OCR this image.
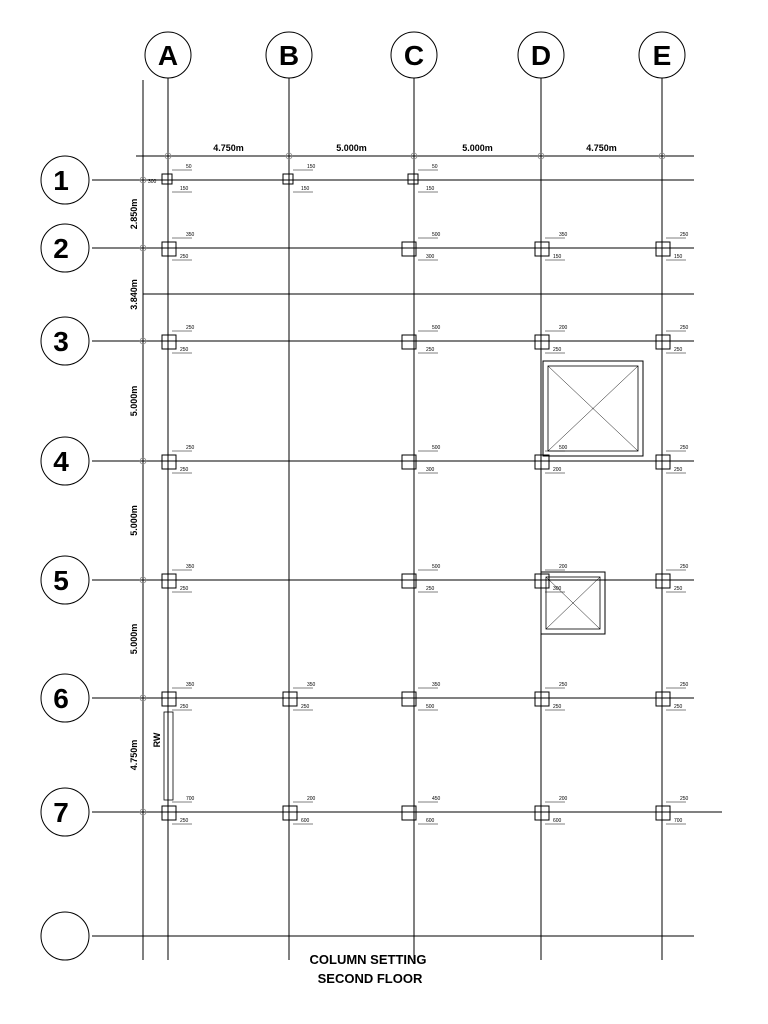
A	B	C	D	E
1
2
3
4
5
6
7
4.750m	5.000m	5.000m	4.750m
2.850m
3.840m
5.000m
5.000m
5.000m
4.750m RW
50
150
300
150
150
50
150
350
250
500
300
350
150
250
150
250
250
500
250
200
250
250
250
250
250
500
300
500
200
250
250
350
250
500
250
200
300
250
250
350
250
350
250
350
500
250
250
250
250
700
250
200
600
450
600
200
600
250
700
COLUMN SETTING
SECOND FLOOR
